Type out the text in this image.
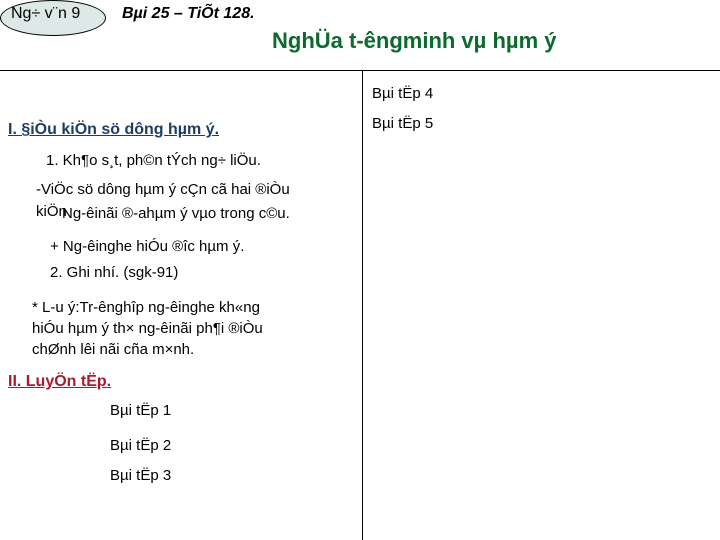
Ng÷ v¨n 9	Bµi 25 – TiÕt 128.
NghÜa t-êngminh vµ hµm ý
Bµi tËp 4
Bµi tËp 5
I. §iÒu kiÖn sö dông hµm ý.
1. Kh¶o s¸t, ph©n tÝch ng÷ liÖu.
-ViÖc sö dông hµm ý cÇn cã hai ®iÒu
kiÖn
Ng-êinãi ®-ahµm ý vµo trong c©u.
+ Ng-êinghe hiÓu ®îc hµm ý.
2. Ghi nhí. (sgk-91)
* L-u ý:Tr-ênghîp ng-êinghe kh«ng
hiÓu hµm ý th× ng-êinãi ph¶i ®iÒu
chØnh lêi nãi cña m×nh.
II. LuyÖn tËp.
Bµi tËp 1
Bµi tËp 2
Bµi tËp 3
